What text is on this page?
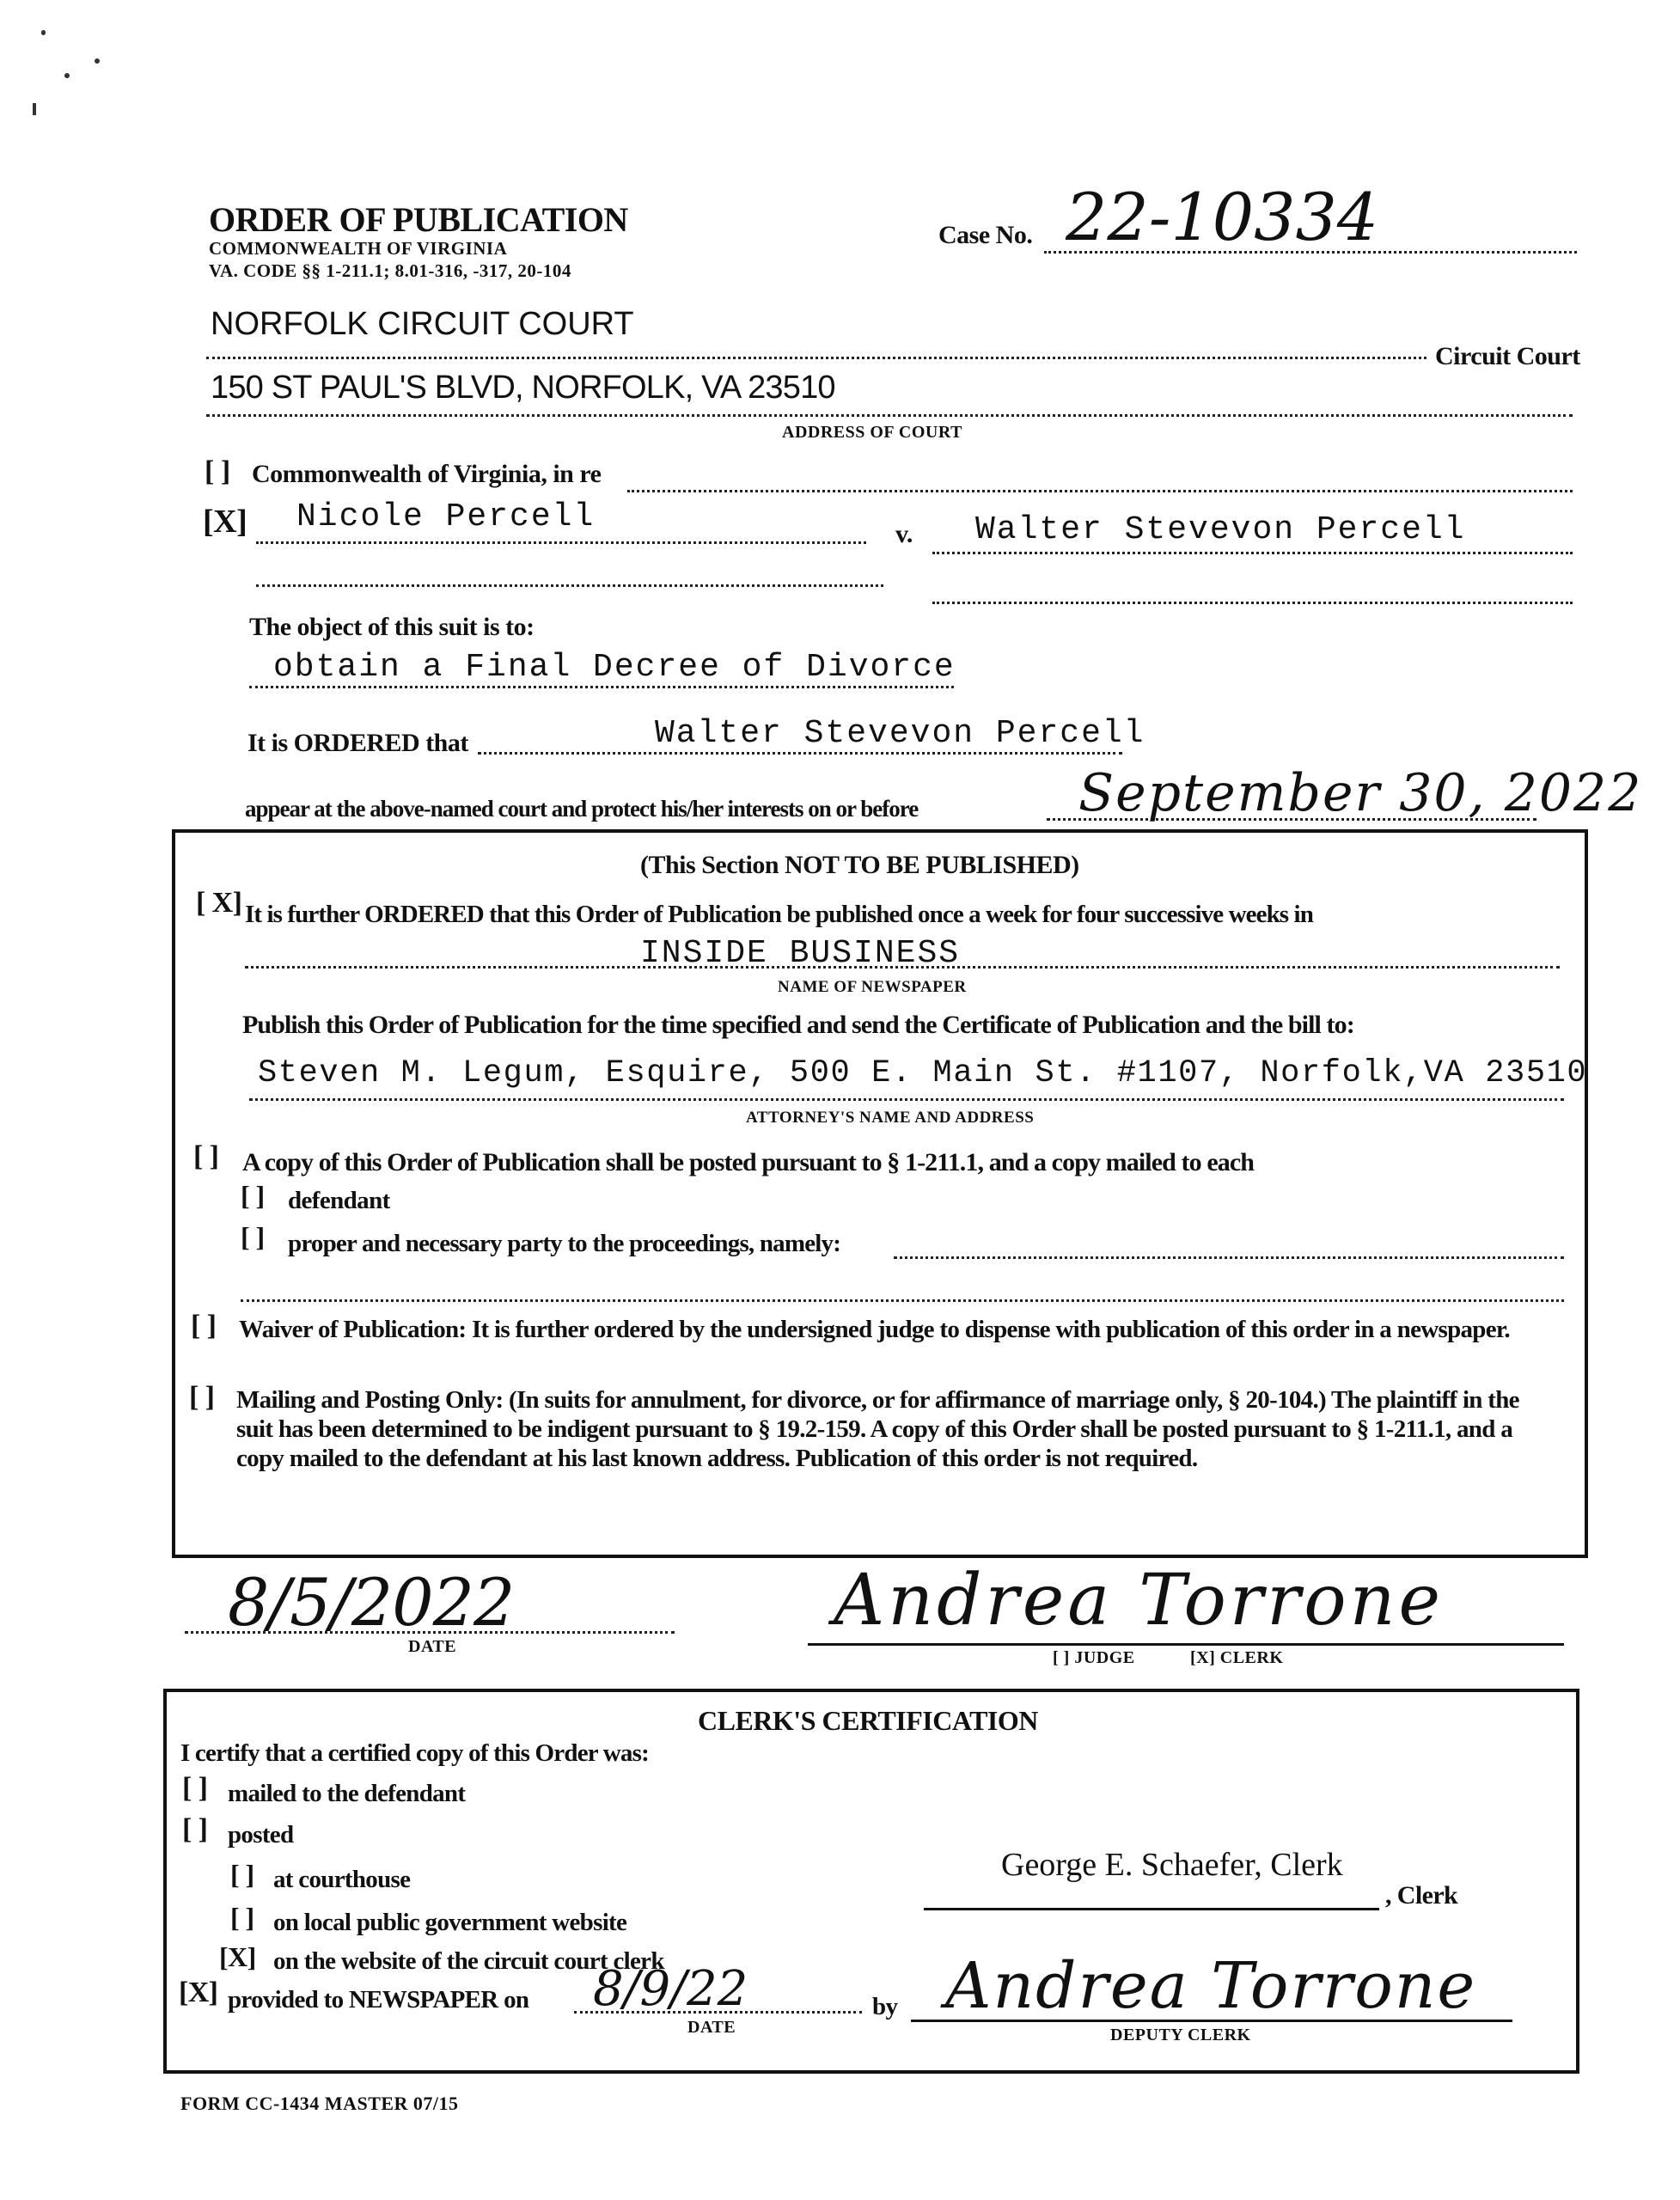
ORDER OF PUBLICATION
COMMONWEALTH OF VIRGINIA
VA. CODE §§ 1-211.1; 8.01-316, -317, 20-104
Case No. 22-10334
NORFOLK CIRCUIT COURT
Circuit Court
150 ST PAUL'S BLVD, NORFOLK, VA 23510
ADDRESS OF COURT
[ ] Commonwealth of Virginia, in re
[X] Nicole Percell	v. Walter Stevevon Percell
The object of this suit is to:
obtain a Final Decree of Divorce
It is ORDERED that	Walter Stevevon Percell
appear at the above-named court and protect his/her interests on or before	September 30, 2022
(This Section NOT TO BE PUBLISHED)
[ X] It is further ORDERED that this Order of Publication be published once a week for four successive weeks in
INSIDE BUSINESS
NAME OF NEWSPAPER
Publish this Order of Publication for the time specified and send the Certificate of Publication and the bill to:
Steven M. Legum, Esquire, 500 E. Main St. #1107, Norfolk,VA 23510
ATTORNEY'S NAME AND ADDRESS
[ ] A copy of this Order of Publication shall be posted pursuant to § 1-211.1, and a copy mailed to each
[ ] defendant
[ ] proper and necessary party to the proceedings, namely:
[ ] Waiver of Publication: It is further ordered by the undersigned judge to dispense with publication of this order in a newspaper.
[ ] Mailing and Posting Only: (In suits for annulment, for divorce, or for affirmance of marriage only, § 20-104.) The plaintiff in the suit has been determined to be indigent pursuant to § 19.2-159. A copy of this Order shall be posted pursuant to § 1-211.1, and a copy mailed to the defendant at his last known address. Publication of this order is not required.
8/5/2022
DATE
Andrea Torrone
[ ] JUDGE	[X] CLERK
CLERK'S CERTIFICATION
I certify that a certified copy of this Order was:
[ ] mailed to the defendant
[ ] posted
[ ] at courthouse
[ ] on local public government website
[X] on the website of the circuit court clerk
[X] provided to NEWSPAPER on 8/9/22
DATE
by
George E. Schaefer, Clerk
, Clerk
Andrea Torrone
DEPUTY CLERK
FORM CC-1434 MASTER 07/15
